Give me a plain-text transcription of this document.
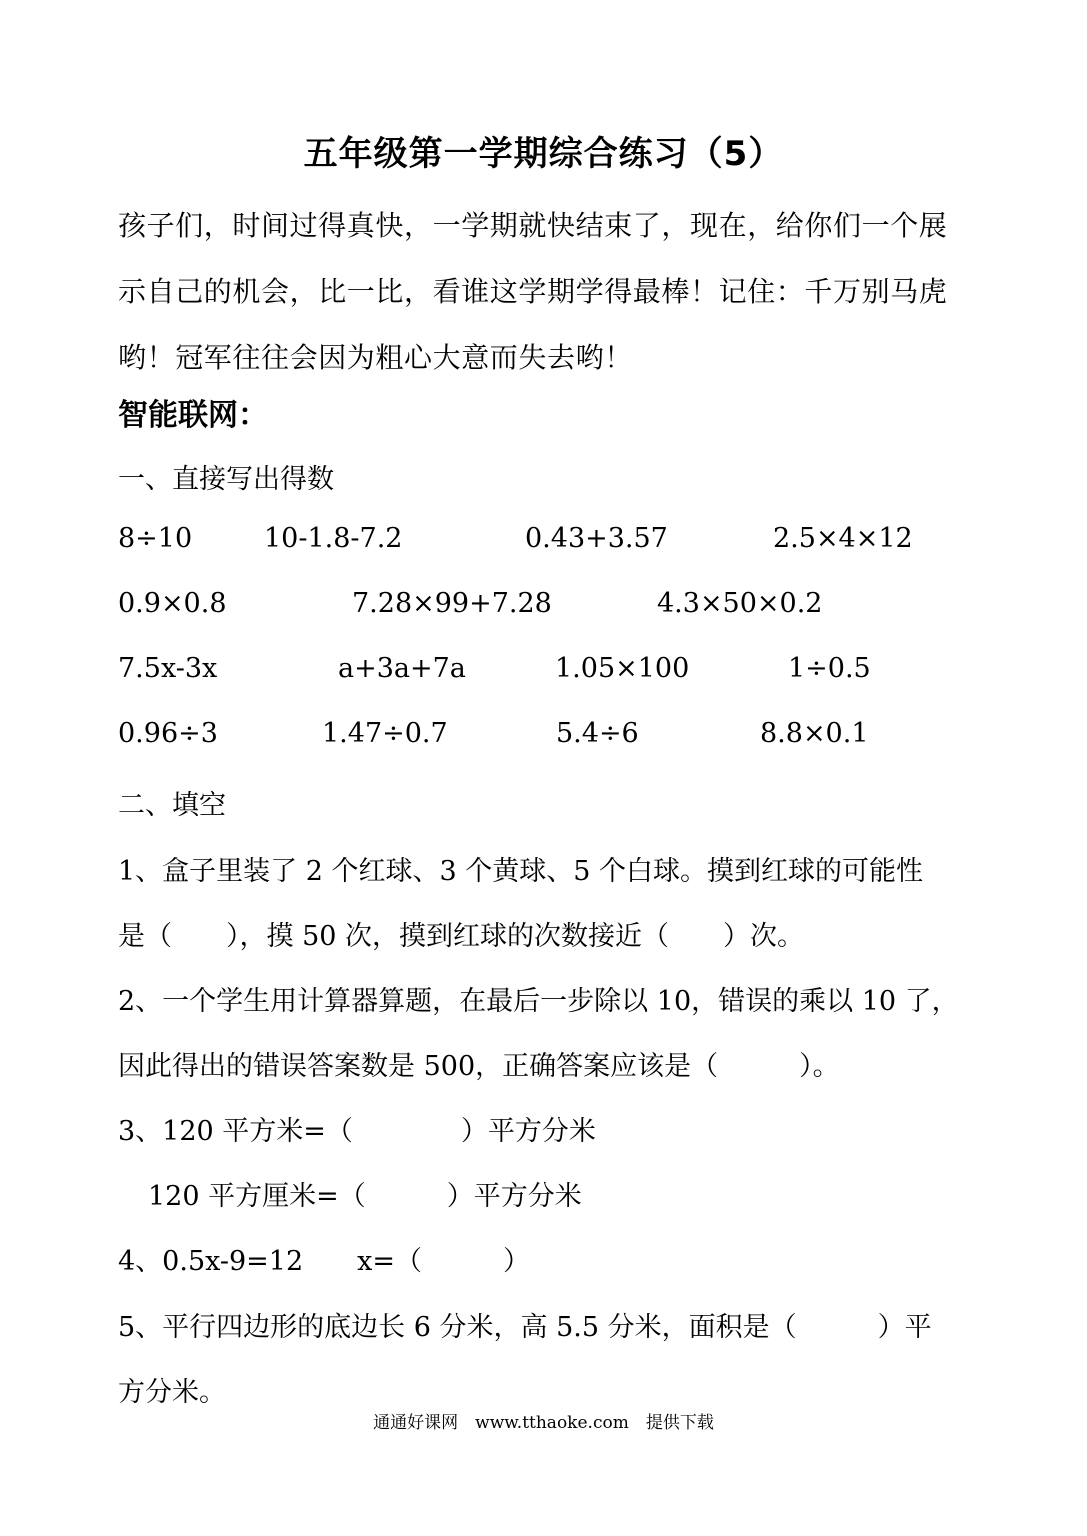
五年级第一学期综合练习（5）
孩子们，时间过得真快，一学期就快结束了，现在，给你们一个展
示自己的机会，比一比，看谁这学期学得最棒！记住：千万别马虎
哟！冠军往往会因为粗心大意而失去哟！
智能联网：
一、直接写出得数
8÷10	10-1.8-7.2	0.43+3.57	2.5×4×12
0.9×0.8	7.28×99+7.28	4.3×50×0.2
7.5x-3x	a+3a+7a	1.05×100	1÷0.5
0.96÷3	1.47÷0.7	5.4÷6	8.8×0.1
二、填空
1、盒子里装了 2 个红球、3 个黄球、5 个白球。摸到红球的可能性
是（　　），摸 50 次，摸到红球的次数接近（　　）次。
2、一个学生用计算器算题，在最后一步除以 10，错误的乘以 10 了，
因此得出的错误答案数是 500，正确答案应该是（　　　）。
3、120 平方米=（　　　　）平方分米
120 平方厘米=（　　　）平方分米
4、0.5x-9=12　　x=（　　　）
5、平行四边形的底边长 6 分米，高 5.5 分米，面积是（　　　）平
方分米。
通通好课网　www.tthaoke.com　提供下载
